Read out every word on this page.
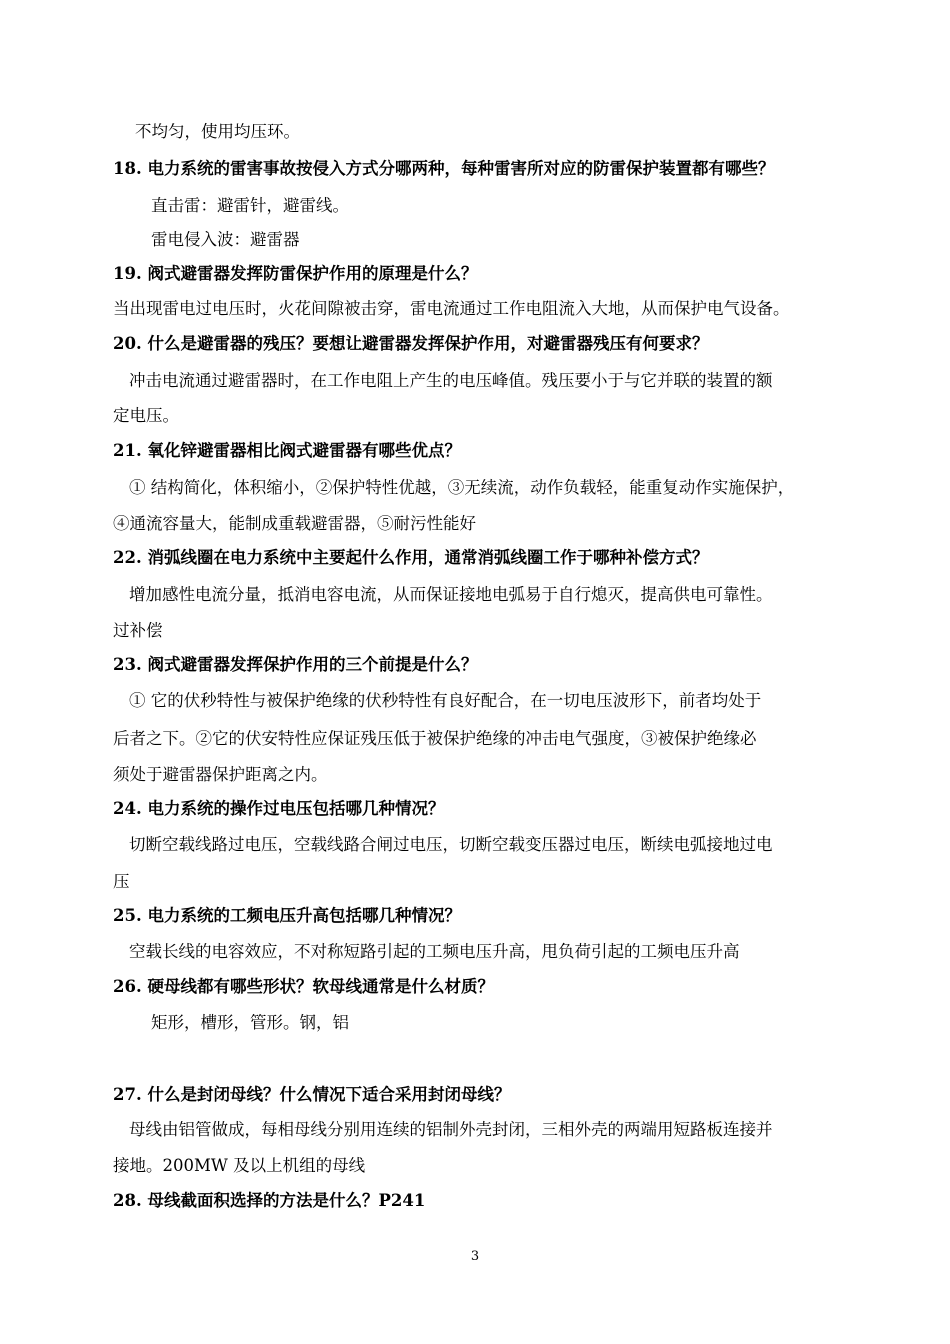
不均匀，使用均压环。
18. 电力系统的雷害事故按侵入方式分哪两种，每种雷害所对应的防雷保护装置都有哪些？
直击雷：避雷针，避雷线。
雷电侵入波：避雷器
19. 阀式避雷器发挥防雷保护作用的原理是什么？
当出现雷电过电压时，火花间隙被击穿，雷电流通过工作电阻流入大地，从而保护电气设备。
20. 什么是避雷器的残压？要想让避雷器发挥保护作用，对避雷器残压有何要求？
冲击电流通过避雷器时，在工作电阻上产生的电压峰值。残压要小于与它并联的装置的额
定电压。
21. 氧化锌避雷器相比阀式避雷器有哪些优点？
① 结构简化，体积缩小，②保护特性优越，③无续流，动作负载轻，能重复动作实施保护，
④通流容量大，能制成重载避雷器，⑤耐污性能好
22. 消弧线圈在电力系统中主要起什么作用，通常消弧线圈工作于哪种补偿方式？
增加感性电流分量，抵消电容电流，从而保证接地电弧易于自行熄灭，提高供电可靠性。
过补偿
23. 阀式避雷器发挥保护作用的三个前提是什么？
① 它的伏秒特性与被保护绝缘的伏秒特性有良好配合，在一切电压波形下，前者均处于
后者之下。②它的伏安特性应保证残压低于被保护绝缘的冲击电气强度，③被保护绝缘必
须处于避雷器保护距离之内。
24. 电力系统的操作过电压包括哪几种情况？
切断空载线路过电压，空载线路合闸过电压，切断空载变压器过电压，断续电弧接地过电
压
25. 电力系统的工频电压升高包括哪几种情况？
空载长线的电容效应，不对称短路引起的工频电压升高，甩负荷引起的工频电压升高
26. 硬母线都有哪些形状？软母线通常是什么材质？
矩形，槽形，管形。钢，铝
27. 什么是封闭母线？什么情况下适合采用封闭母线？
母线由铝管做成，每相母线分别用连续的铝制外壳封闭，三相外壳的两端用短路板连接并
接地。200MW 及以上机组的母线
28. 母线截面积选择的方法是什么？P241
3
